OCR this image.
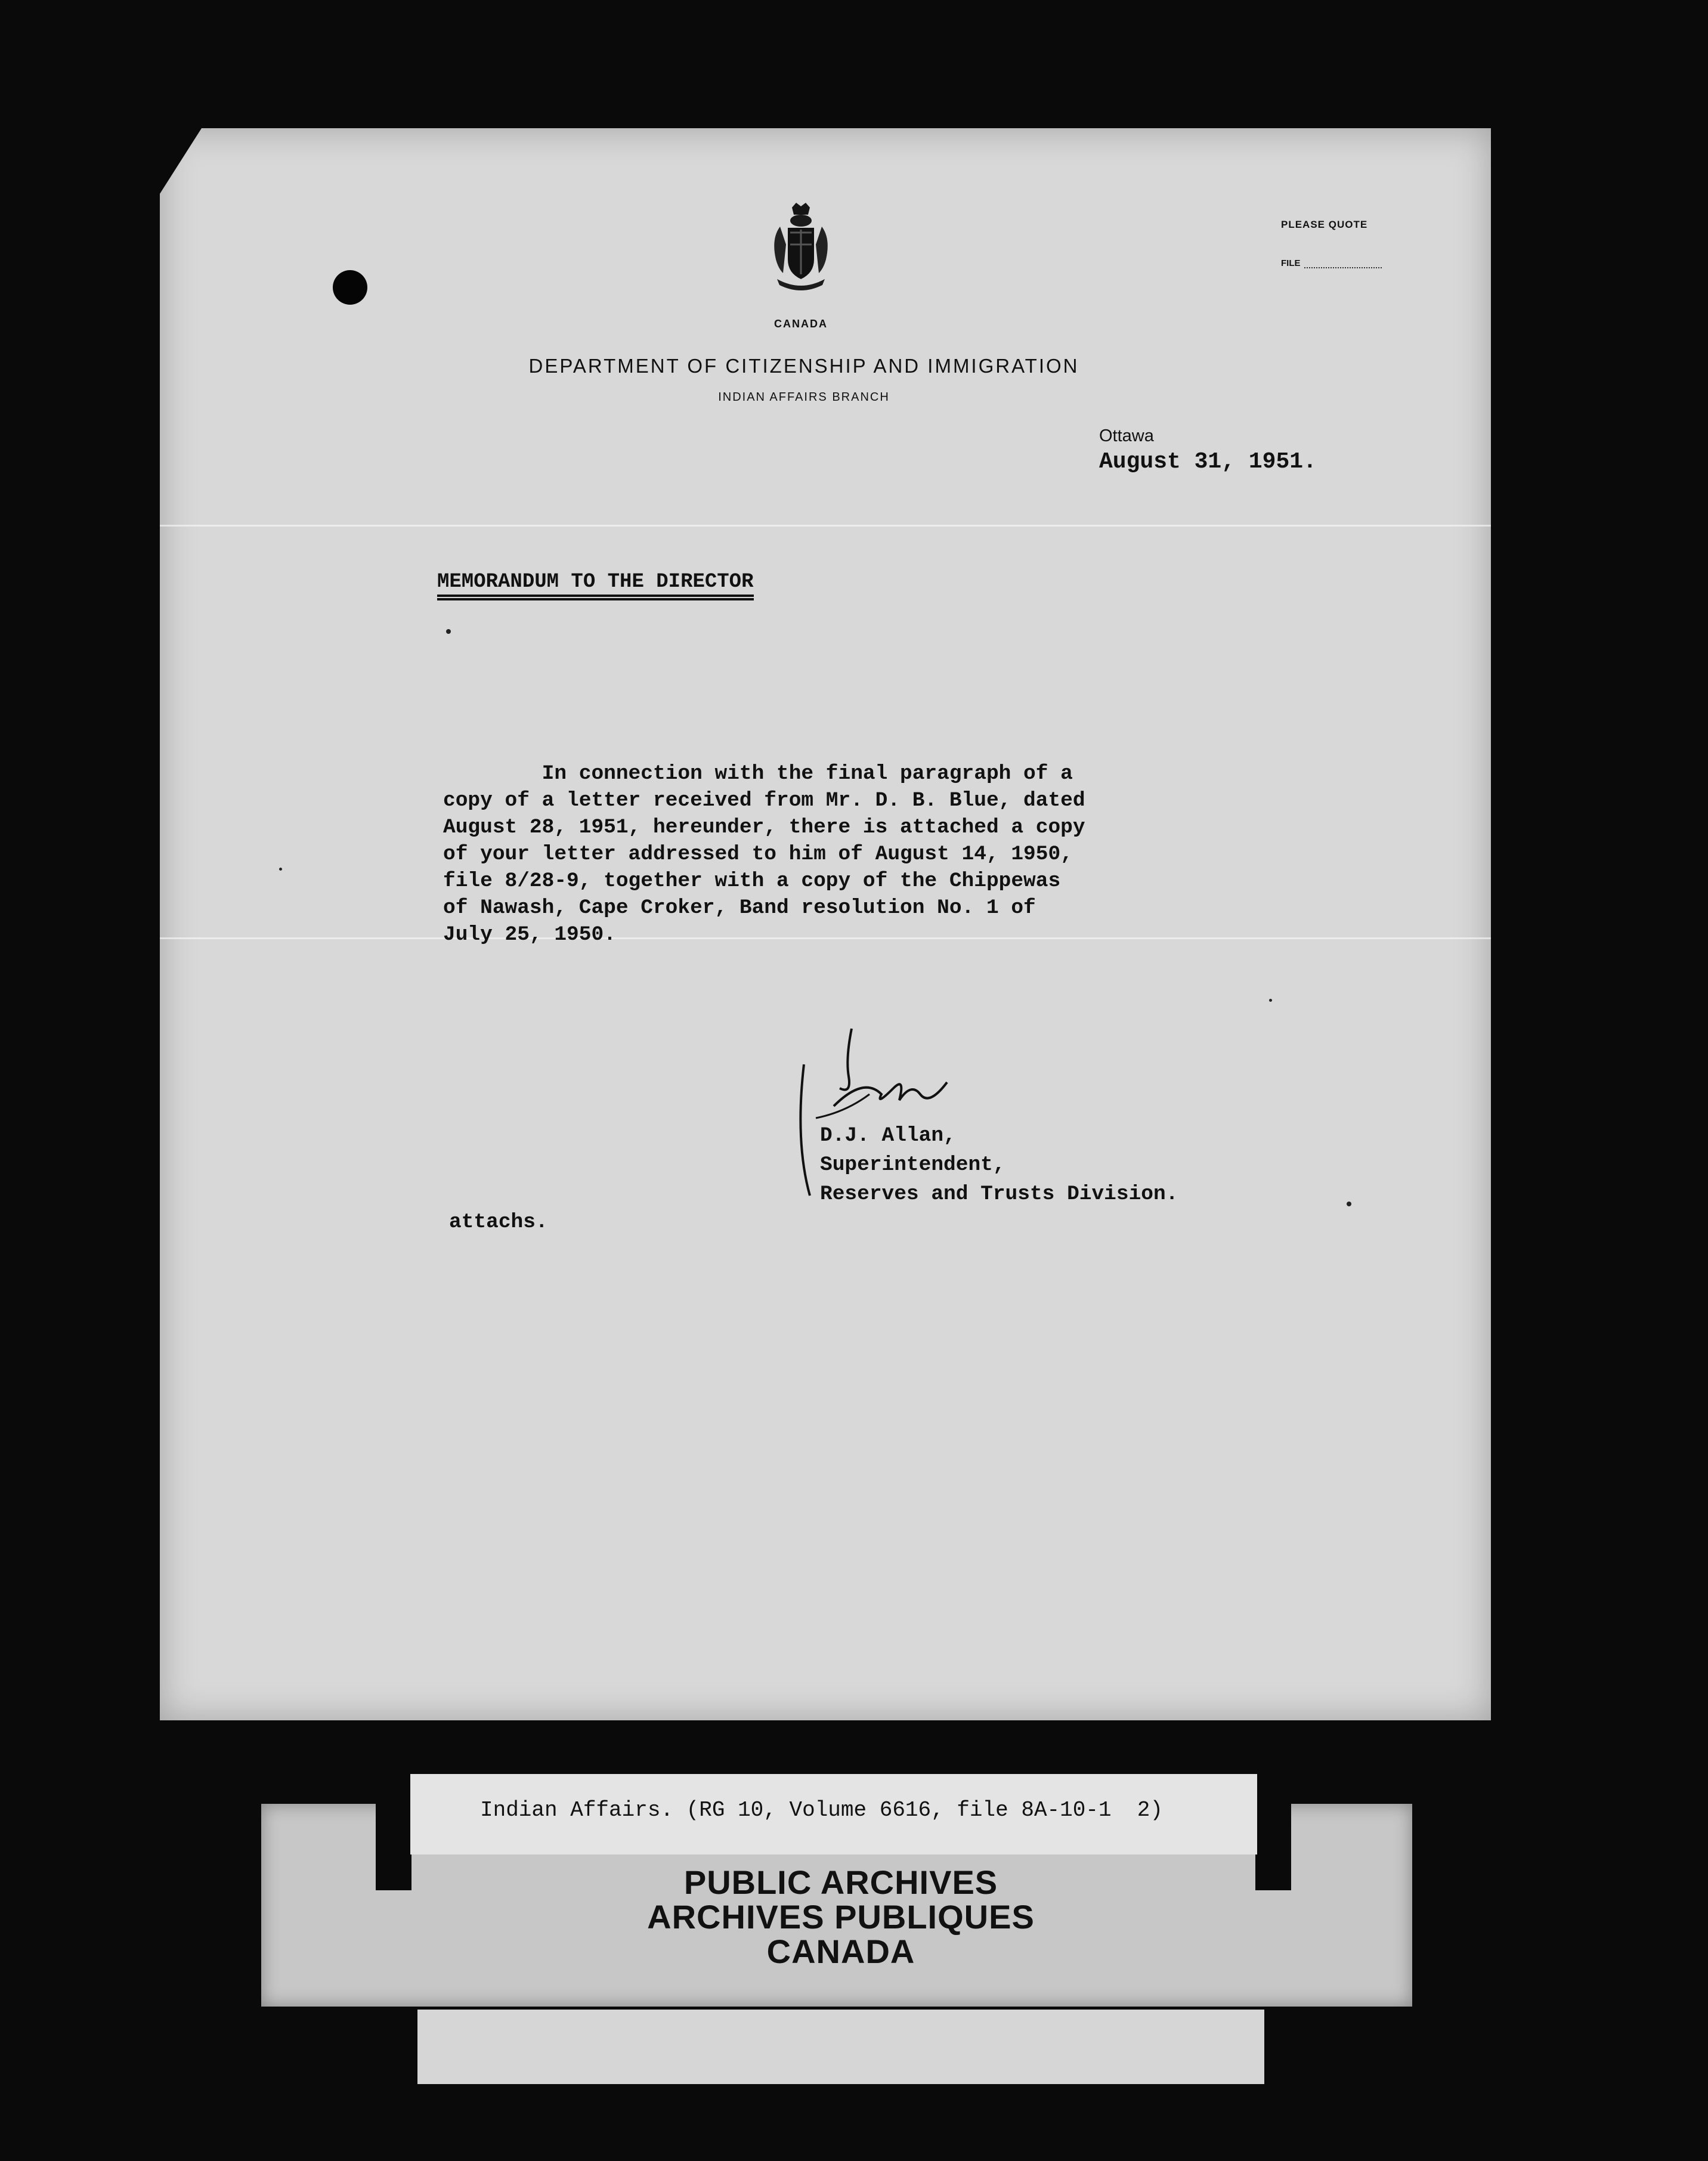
CANADA
DEPARTMENT OF CITIZENSHIP AND IMMIGRATION
INDIAN AFFAIRS BRANCH
PLEASE QUOTE
FILE
Ottawa
August 31, 1951.
MEMORANDUM TO THE DIRECTOR
In connection with the final paragraph of a
copy of a letter received from Mr. D. B. Blue, dated
August 28, 1951, hereunder, there is attached a copy
of your letter addressed to him of August 14, 1950,
file 8/28-9, together with a copy of the Chippewas
of Nawash, Cape Croker, Band resolution No. 1 of
July 25, 1950.
D.J. Allan,
Superintendent,
Reserves and Trusts Division.
attachs.
Indian Affairs. (RG 10, Volume 6616, file 8A-10-1  2)
PUBLIC ARCHIVES
ARCHIVES PUBLIQUES
CANADA
